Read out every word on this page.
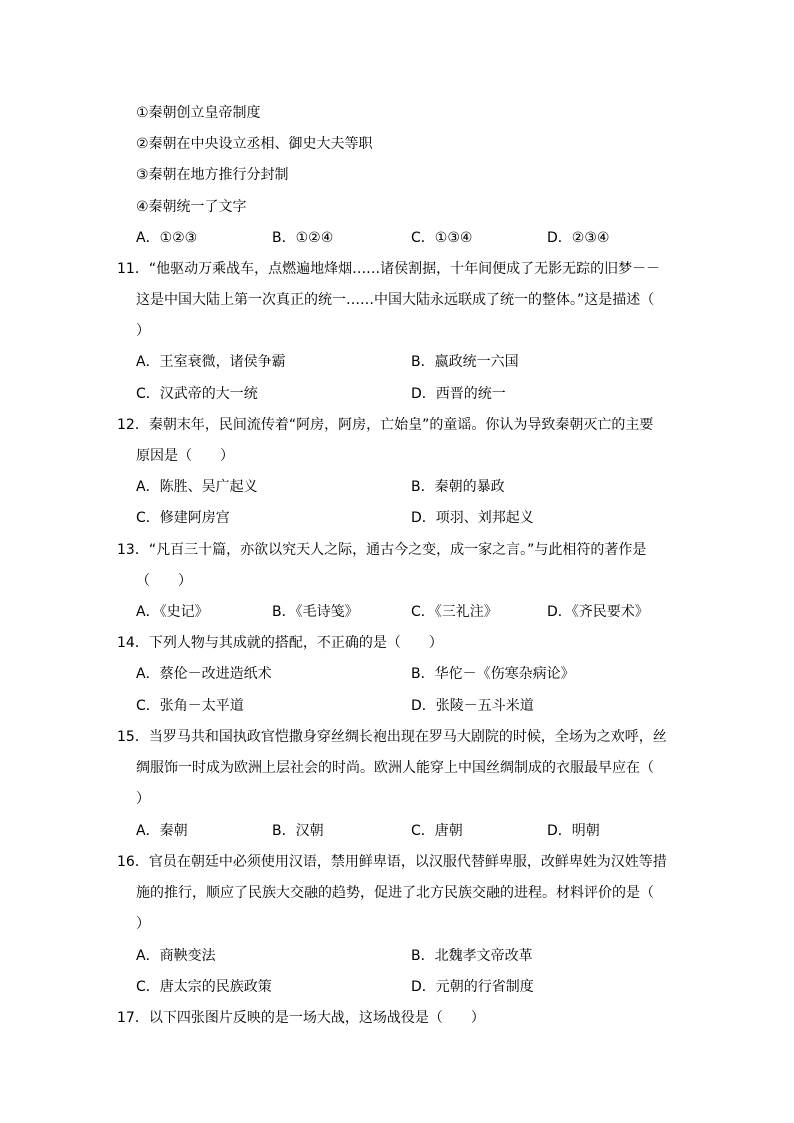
①秦朝创立皇帝制度
②秦朝在中央设立丞相、御史大夫等职
③秦朝在地方推行分封制
④秦朝统一了文字
A．①②③	B．①②④	C．①③④	D．②③④
11．“他驱动万乘战车，点燃遍地烽烟……诸侯割据，十年间便成了无影无踪的旧梦－－
这是中国大陆上第一次真正的统一……中国大陆永远联成了统一的整体。”这是描述（
）
A．王室衰微，诸侯争霸	B．嬴政统一六国
C．汉武帝的大一统	D．西晋的统一
12．秦朝末年，民间流传着“阿房，阿房，亡始皇”的童谣。你认为导致秦朝灭亡的主要
原因是（　　）
A．陈胜、吴广起义	B．秦朝的暴政
C．修建阿房宫	D．项羽、刘邦起义
13．“凡百三十篇，亦欲以究天人之际，通古今之变，成一家之言。”与此相符的著作是
（　　）
A．《史记》	B．《毛诗笺》	C．《三礼注》	D．《齐民要术》
14．下列人物与其成就的搭配，不正确的是（　　）
A．蔡伦－改进造纸术	B．华佗－《伤寒杂病论》
C．张角－太平道	D．张陵－五斗米道
15．当罗马共和国执政官恺撒身穿丝绸长袍出现在罗马大剧院的时候，全场为之欢呼，丝
绸服饰一时成为欧洲上层社会的时尚。欧洲人能穿上中国丝绸制成的衣服最早应在（
）
A．秦朝	B．汉朝	C．唐朝	D．明朝
16．官员在朝廷中必须使用汉语，禁用鲜卑语，以汉服代替鲜卑服，改鲜卑姓为汉姓等措
施的推行，顺应了民族大交融的趋势，促进了北方民族交融的进程。材料评价的是（
）
A．商鞅变法	B．北魏孝文帝改革
C．唐太宗的民族政策	D．元朝的行省制度
17．以下四张图片反映的是一场大战，这场战役是（　　）
